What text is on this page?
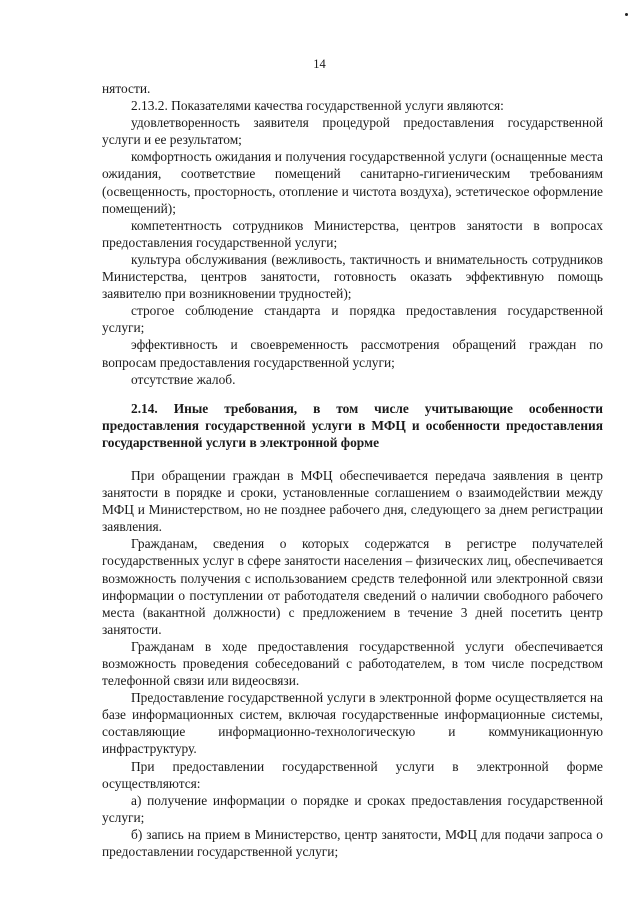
14

нятости.

2.13.2. Показателями качества государственной услуги являются:

удовлетворенность заявителя процедурой предоставления государственной услуги и ее результатом;

комфортность ожидания и получения государственной услуги (оснащенные места ожидания, соответствие помещений санитарно-гигиеническим требованиям (освещенность, просторность, отопление и чистота воздуха), эстетическое оформление помещений);

компетентность сотрудников Министерства, центров занятости в вопросах предоставления государственной услуги;

культура обслуживания (вежливость, тактичность и внимательность сотрудников Министерства, центров занятости, готовность оказать эффективную помощь заявителю при возникновении трудностей);

строгое соблюдение стандарта и порядка предоставления государственной услуги;

эффективность и своевременность рассмотрения обращений граждан по вопросам предоставления государственной услуги;

отсутствие жалоб.

2.14. Иные требования, в том числе учитывающие особенности предоставления государственной услуги в МФЦ и особенности предоставления государственной услуги в электронной форме

При обращении граждан в МФЦ обеспечивается передача заявления в центр занятости в порядке и сроки, установленные соглашением о взаимодействии между МФЦ и Министерством, но не позднее рабочего дня, следующего за днем регистрации заявления.

Гражданам, сведения о которых содержатся в регистре получателей государственных услуг в сфере занятости населения – физических лиц, обеспечивается возможность получения с использованием средств телефонной или электронной связи информации о поступлении от работодателя сведений о наличии свободного рабочего места (вакантной должности) с предложением в течение 3 дней посетить центр занятости.

Гражданам в ходе предоставления государственной услуги обеспечивается возможность проведения собеседований с работодателем, в том числе посредством телефонной связи или видеосвязи.

Предоставление государственной услуги в электронной форме осуществляется на базе информационных систем, включая государственные информационные системы, составляющие информационно-технологическую и коммуникационную инфраструктуру.

При предоставлении государственной услуги в электронной форме осуществляются:

а) получение информации о порядке и сроках предоставления государственной услуги;

б) запись на прием в Министерство, центр занятости, МФЦ для подачи запроса о предоставлении государственной услуги;
